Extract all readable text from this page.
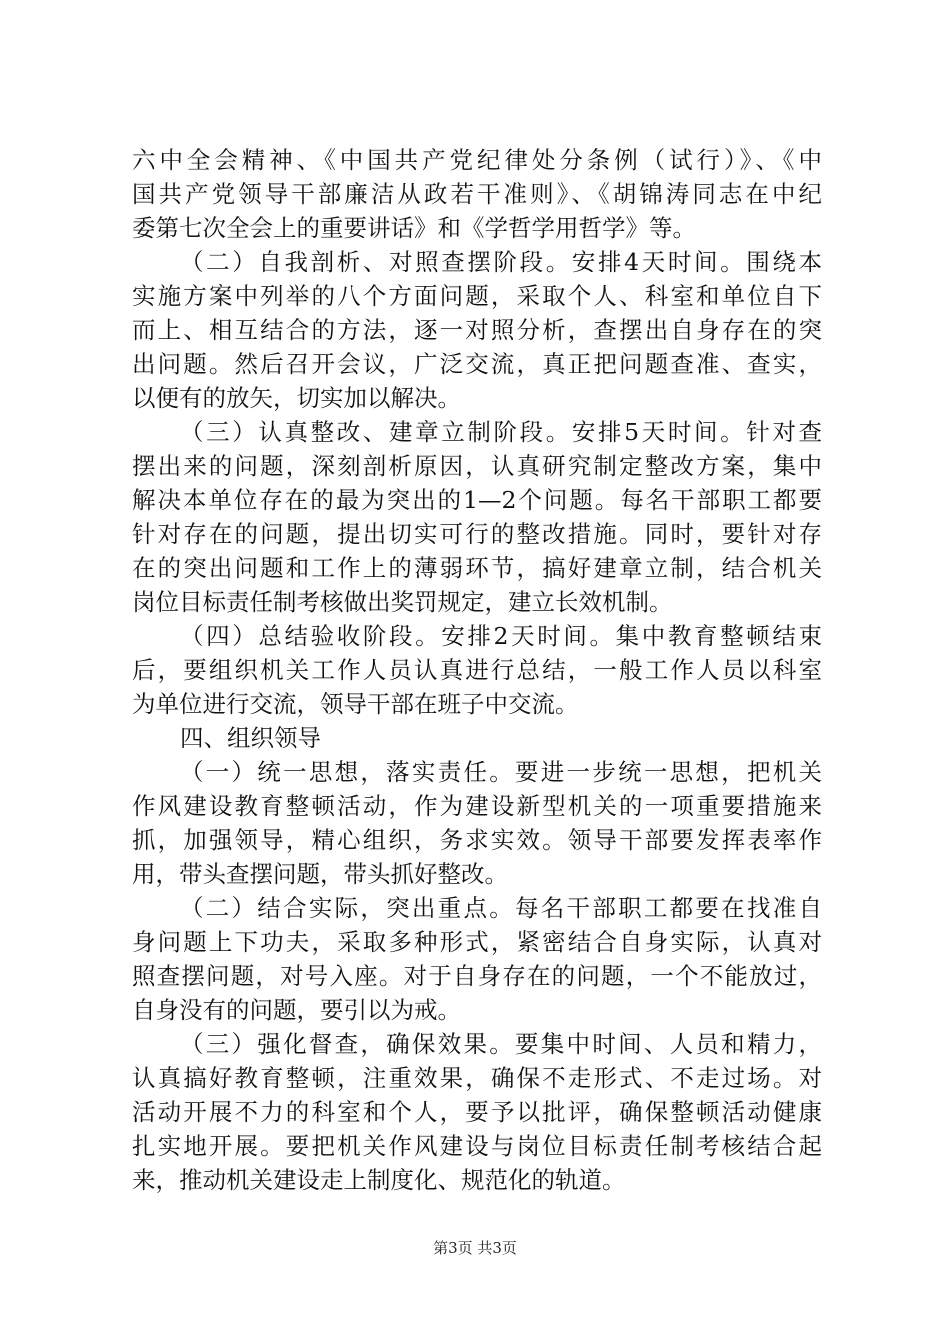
六中全会精神、《中国共产党纪律处分条例（试行）》、《中
国共产党领导干部廉洁从政若干准则》、《胡锦涛同志在中纪
委第七次全会上的重要讲话》和《学哲学用哲学》等。
（二）自我剖析、对照查摆阶段。安排4天时间。围绕本
实施方案中列举的八个方面问题，采取个人、科室和单位自下
而上、相互结合的方法，逐一对照分析，查摆出自身存在的突
出问题。然后召开会议，广泛交流，真正把问题查准、查实，
以便有的放矢，切实加以解决。
（三）认真整改、建章立制阶段。安排5天时间。针对查
摆出来的问题，深刻剖析原因，认真研究制定整改方案，集中
解决本单位存在的最为突出的1—2个问题。每名干部职工都要
针对存在的问题，提出切实可行的整改措施。同时，要针对存
在的突出问题和工作上的薄弱环节，搞好建章立制，结合机关
岗位目标责任制考核做出奖罚规定，建立长效机制。
（四）总结验收阶段。安排2天时间。集中教育整顿结束
后，要组织机关工作人员认真进行总结，一般工作人员以科室
为单位进行交流，领导干部在班子中交流。
四、组织领导
（一）统一思想，落实责任。要进一步统一思想，把机关
作风建设教育整顿活动，作为建设新型机关的一项重要措施来
抓，加强领导，精心组织，务求实效。领导干部要发挥表率作
用，带头查摆问题，带头抓好整改。
（二）结合实际，突出重点。每名干部职工都要在找准自
身问题上下功夫，采取多种形式，紧密结合自身实际，认真对
照查摆问题，对号入座。对于自身存在的问题，一个不能放过，
自身没有的问题，要引以为戒。
（三）强化督查，确保效果。要集中时间、人员和精力，
认真搞好教育整顿，注重效果，确保不走形式、不走过场。对
活动开展不力的科室和个人，要予以批评，确保整顿活动健康
扎实地开展。要把机关作风建设与岗位目标责任制考核结合起
来，推动机关建设走上制度化、规范化的轨道。
第3页 共3页
